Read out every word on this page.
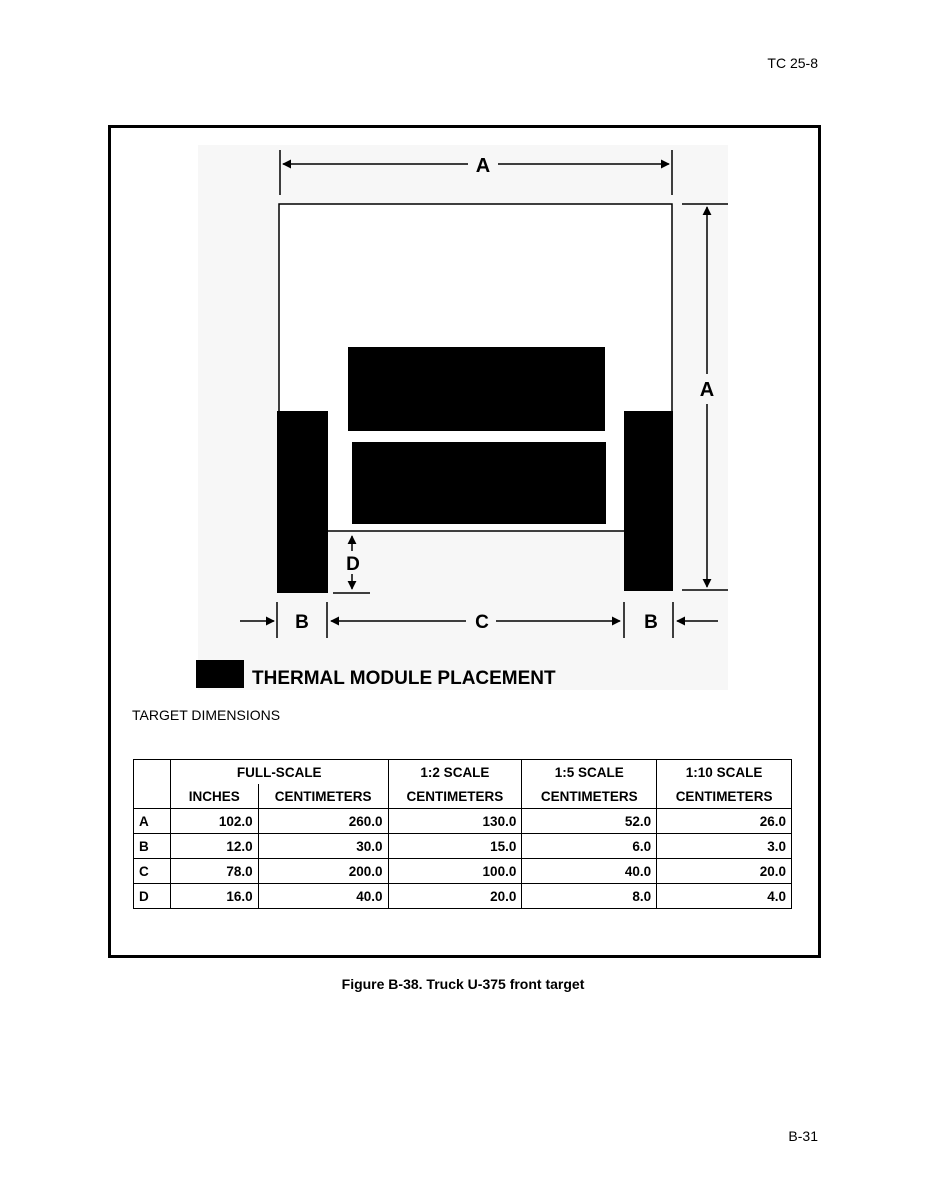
TC 25-8
A
A
D
B	C	B
THERMAL MODULE PLACEMENT
TARGET DIMENSIONS
	FULL-SCALE		1:2 SCALE	1:5 SCALE	1:10 SCALE
	INCHES	CENTIMETERS	CENTIMETERS	CENTIMETERS	CENTIMETERS
A	102.0	260.0	130.0	52.0	26.0
B	12.0	30.0	15.0	6.0	3.0
C	78.0	200.0	100.0	40.0	20.0
D	16.0	40.0	20.0	8.0	4.0
Figure B-38. Truck U-375 front target
B-31
